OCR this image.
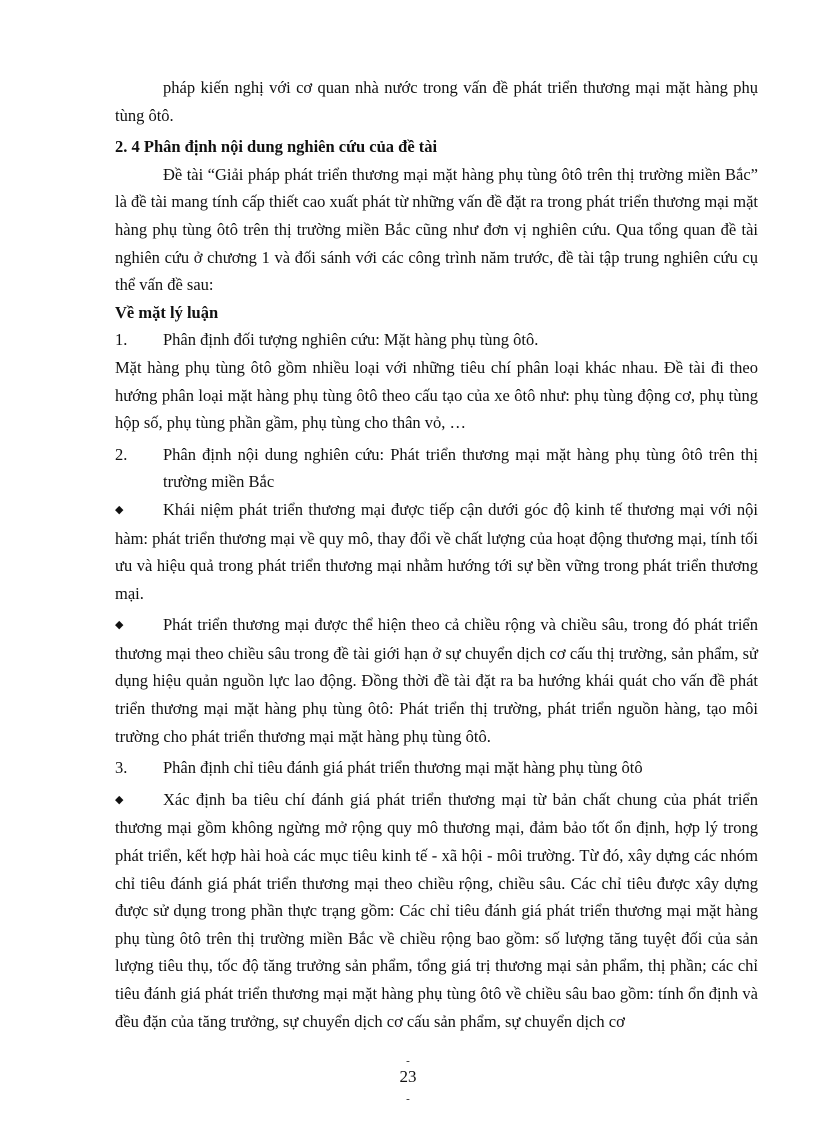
pháp kiến nghị với cơ quan nhà nước trong vấn đề phát triển thương mại mặt hàng phụ tùng ôtô.

2. 4 Phân định nội dung nghiên cứu của đề tài

Đề tài “Giải pháp phát triển thương mại mặt hàng phụ tùng ôtô trên thị trường miền Bắc” là đề tài mang tính cấp thiết cao xuất phát từ những vấn đề đặt ra trong phát triển thương mại mặt hàng phụ tùng ôtô trên thị trường miền Bắc cũng như đơn vị nghiên cứu. Qua tổng quan đề tài nghiên cứu ở chương 1 và đối sánh với các công trình năm trước, đề tài tập trung nghiên cứu cụ thể vấn đề sau:

Về mặt lý luận

1.	Phân định đối tượng nghiên cứu: Mặt hàng phụ tùng ôtô.

Mặt hàng phụ tùng ôtô gồm nhiều loại với những tiêu chí phân loại khác nhau. Đề tài đi theo hướng phân loại mặt hàng phụ tùng ôtô theo cấu tạo của xe ôtô như: phụ tùng động cơ, phụ tùng hộp số, phụ tùng phần gầm, phụ tùng cho thân vỏ, …

2.	Phân định nội dung nghiên cứu: Phát triển thương mại mặt hàng phụ tùng ôtô trên thị trường miền Bắc

◆ Khái niệm phát triển thương mại được tiếp cận dưới góc độ kinh tế thương mại với nội hàm: phát triển thương mại về quy mô, thay đổi về chất lượng của hoạt động thương mại, tính tối ưu và hiệu quả trong phát triển thương mại nhằm hướng tới sự bền vững trong phát triển thương mại.

◆ Phát triển thương mại được thể hiện theo cả chiều rộng và chiều sâu, trong đó phát triển thương mại theo chiều sâu trong đề tài giới hạn ở sự chuyển dịch cơ cấu thị trường, sản phẩm, sử dụng hiệu quản nguồn lực lao động. Đồng thời đề tài đặt ra ba hướng khái quát cho vấn đề phát triển thương mại mặt hàng phụ tùng ôtô: Phát triển thị trường, phát triển nguồn hàng, tạo môi trường cho phát triển thương mại mặt hàng phụ tùng ôtô.

3.	Phân định chỉ tiêu đánh giá phát triển thương mại mặt hàng phụ tùng ôtô

◆ Xác định ba tiêu chí đánh giá phát triển thương mại từ bản chất chung của phát triển thương mại gồm không ngừng mở rộng quy mô thương mại, đảm bảo tốt ổn định, hợp lý trong phát triển, kết hợp hài hoà các mục tiêu kinh tế - xã hội - môi trường. Từ đó, xây dựng các nhóm chỉ tiêu đánh giá phát triển thương mại theo chiều rộng, chiều sâu. Các chỉ tiêu được xây dựng được sử dụng trong phần thực trạng gồm: Các chỉ tiêu đánh giá phát triển thương mại mặt hàng phụ tùng ôtô trên thị trường miền Bắc về chiều rộng bao gồm: số lượng tăng tuyệt đối của sản lượng tiêu thụ, tốc độ tăng trưởng sản phẩm, tổng giá trị thương mại sản phẩm, thị phần; các chỉ tiêu đánh giá phát triển thương mại mặt hàng phụ tùng ôtô về chiều sâu bao gồm: tính ổn định và đều đặn của tăng trưởng, sự chuyển dịch cơ cấu sản phẩm, sự chuyển dịch cơ

-
23
-
